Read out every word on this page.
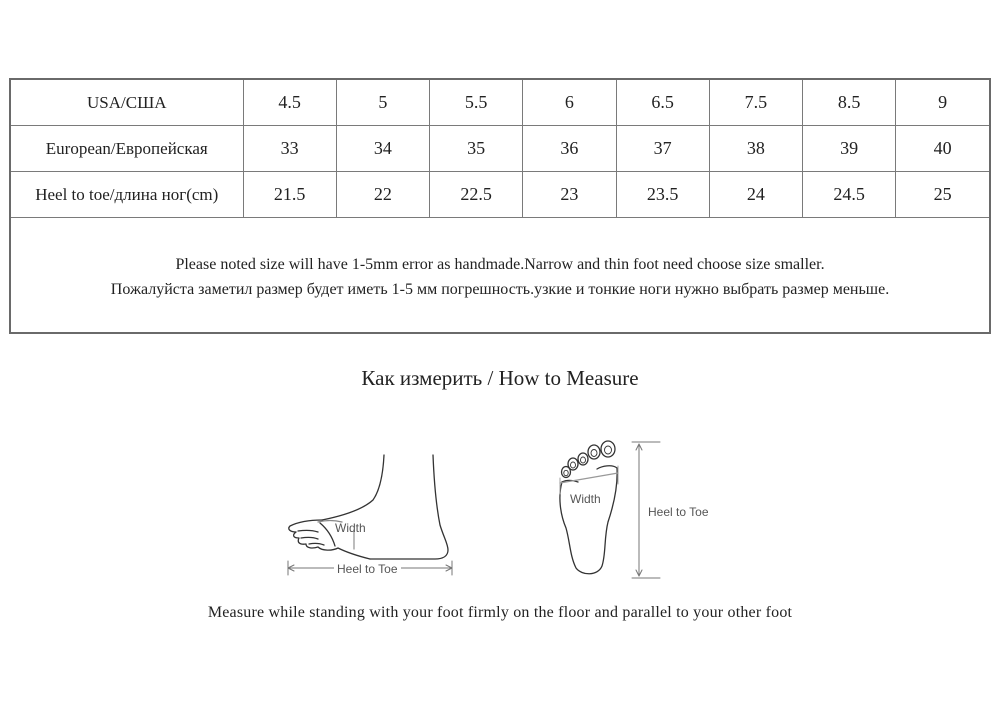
USA/США	4.5	5	5.5	6	6.5	7.5	8.5	9
European/Европейская	33	34	35	36	37	38	39	40
Heel to toe/длина ног(cm)	21.5	22	22.5	23	23.5	24	24.5	25

Please noted size will have 1-5mm error as handmade.Narrow and thin foot need choose size smaller.
Пожалуйста заметил размер будет иметь 1-5 мм погрешность.узкие и тонкие ноги нужно выбрать размер меньше.								
Как измерить / How to Measure
Width
Heel to Toe
Width
Heel to Toe
Measure while standing with your foot firmly on the floor and parallel to your other foot
